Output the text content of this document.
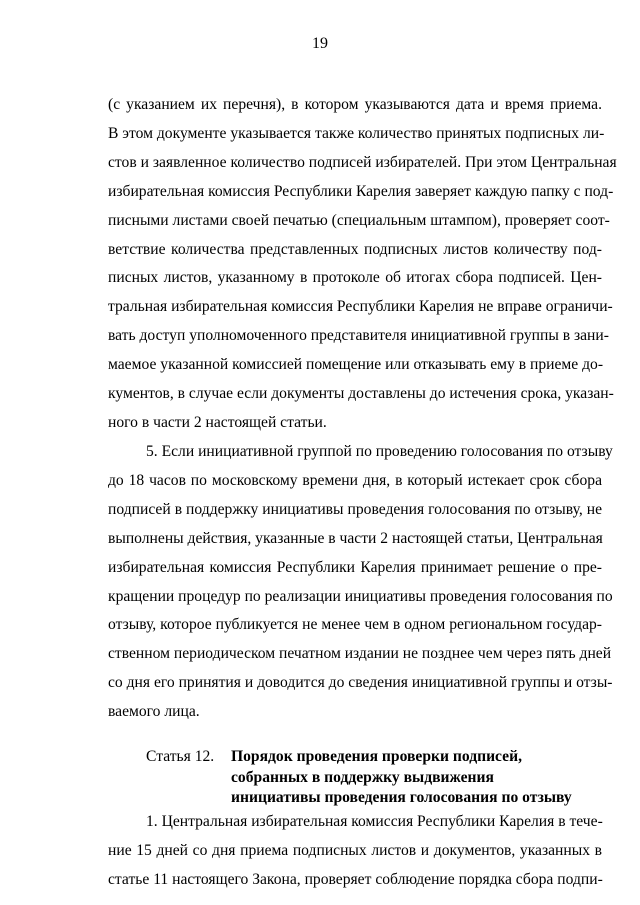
19
(с указанием их перечня), в котором указываются дата и время приема.
В этом документе указывается также количество принятых подписных ли-
стов и заявленное количество подписей избирателей. При этом Центральная
избирательная комиссия Республики Карелия заверяет каждую папку с под-
писными листами своей печатью (специальным штампом), проверяет соот-
ветствие количества представленных подписных листов количеству под-
писных листов, указанному в протоколе об итогах сбора подписей. Цен-
тральная избирательная комиссия Республики Карелия не вправе ограничи-
вать доступ уполномоченного представителя инициативной группы в зани-
маемое указанной комиссией помещение или отказывать ему в приеме до-
кументов, в случае если документы доставлены до истечения срока, указан-
ного в части 2 настоящей статьи.
5. Если инициативной группой по проведению голосования по отзыву
до 18 часов по московскому времени дня, в который истекает срок сбора
подписей в поддержку инициативы проведения голосования по отзыву, не
выполнены действия, указанные в части 2 настоящей статьи, Центральная
избирательная комиссия Республики Карелия принимает решение о пре-
кращении процедур по реализации инициативы проведения голосования по
отзыву, которое публикуется не менее чем в одном региональном государ-
ственном периодическом печатном издании не позднее чем через пять дней
со дня его принятия и доводится до сведения инициативной группы и отзы-
ваемого лица.
Статья 12. Порядок проведения проверки подписей,
собранных в поддержку выдвижения
инициативы проведения голосования по отзыву
1. Центральная избирательная комиссия Республики Карелия в тече-
ние 15 дней со дня приема подписных листов и документов, указанных в
статье 11 настоящего Закона, проверяет соблюдение порядка сбора подпи-
